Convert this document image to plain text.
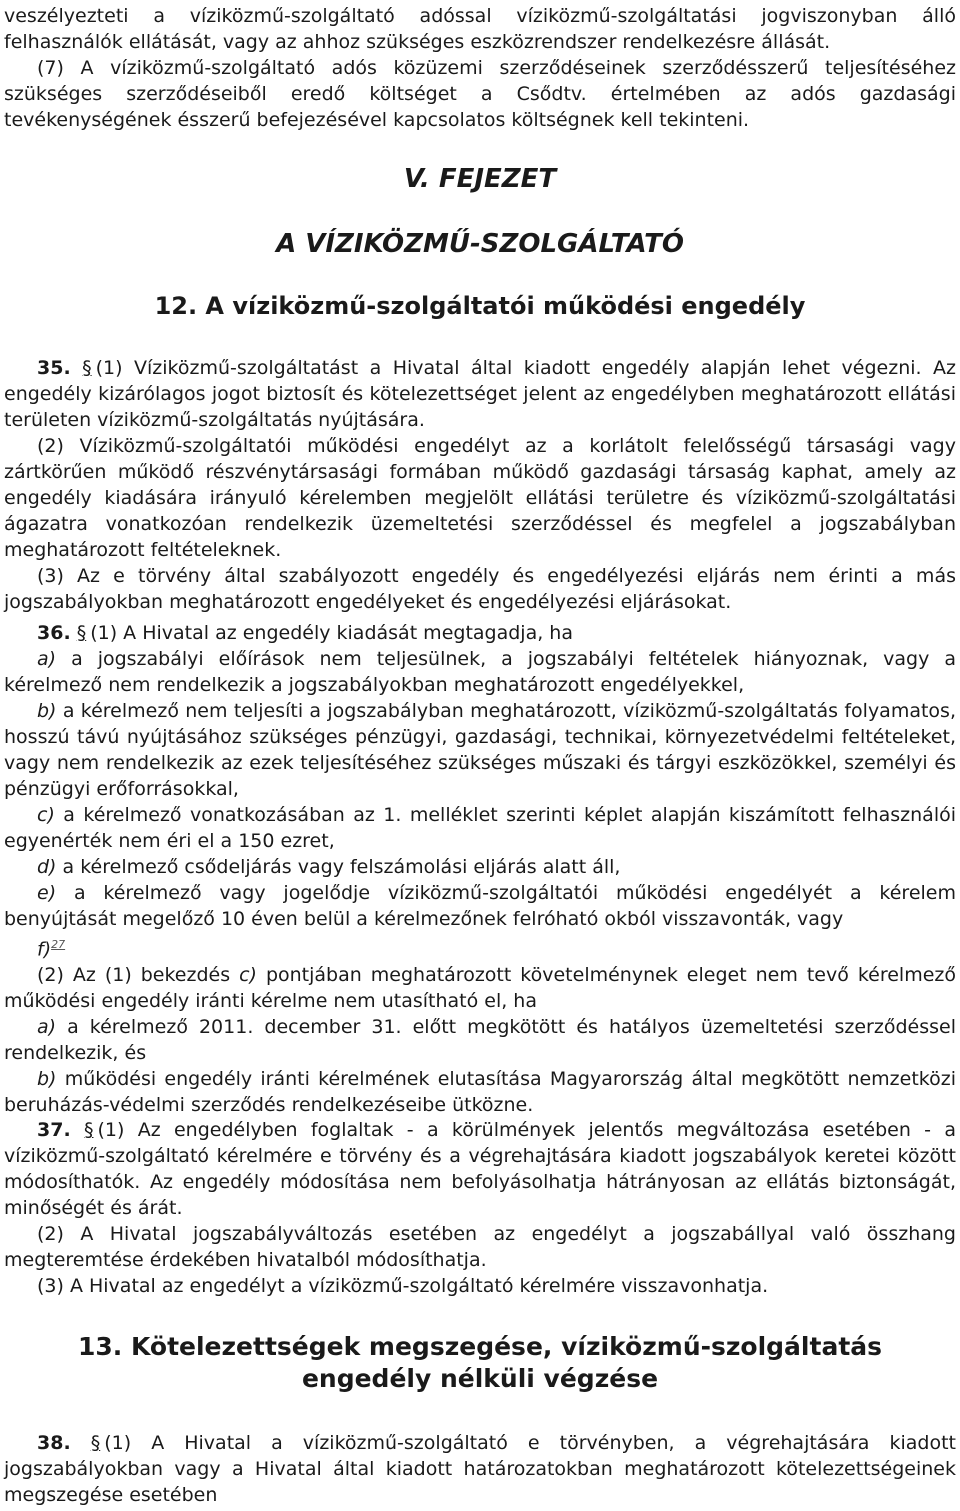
veszélyezteti a víziközmű-szolgáltató adóssal víziközmű-szolgáltatási jogviszonyban álló felhasználók ellátását, vagy az ahhoz szükséges eszközrendszer rendelkezésre állását.

(7) A víziközmű-szolgáltató adós közüzemi szerződéseinek szerződésszerű teljesítéséhez szükséges szerződéseiből eredő költséget a Csődtv. értelmében az adós gazdasági tevékenységének ésszerű befejezésével kapcsolatos költségnek kell tekinteni.

V. FEJEZET
A VÍZIKÖZMŰ-SZOLGÁLTATÓ
12. A víziközmű-szolgáltatói működési engedély

35. § (1) Víziközmű-szolgáltatást a Hivatal által kiadott engedély alapján lehet végezni. Az engedély kizárólagos jogot biztosít és kötelezettséget jelent az engedélyben meghatározott ellátási területen víziközmű-szolgáltatás nyújtására.

(2) Víziközmű-szolgáltatói működési engedélyt az a korlátolt felelősségű társasági vagy zártkörűen működő részvénytársasági formában működő gazdasági társaság kaphat, amely az engedély kiadására irányuló kérelemben megjelölt ellátási területre és víziközmű-szolgáltatási ágazatra vonatkozóan rendelkezik üzemeltetési szerződéssel és megfelel a jogszabályban meghatározott feltételeknek.

(3) Az e törvény által szabályozott engedély és engedélyezési eljárás nem érinti a más jogszabályokban meghatározott engedélyeket és engedélyezési eljárásokat.

36. § (1) A Hivatal az engedély kiadását megtagadja, ha

a) a jogszabályi előírások nem teljesülnek, a jogszabályi feltételek hiányoznak, vagy a kérelmező nem rendelkezik a jogszabályokban meghatározott engedélyekkel,

b) a kérelmező nem teljesíti a jogszabályban meghatározott, víziközmű-szolgáltatás folyamatos, hosszú távú nyújtásához szükséges pénzügyi, gazdasági, technikai, környezetvédelmi feltételeket, vagy nem rendelkezik az ezek teljesítéséhez szükséges műszaki és tárgyi eszközökkel, személyi és pénzügyi erőforrásokkal,

c) a kérelmező vonatkozásában az 1. melléklet szerinti képlet alapján kiszámított felhasználói egyenérték nem éri el a 150 ezret,

d) a kérelmező csődeljárás vagy felszámolási eljárás alatt áll,

e) a kérelmező vagy jogelődje víziközmű-szolgáltatói működési engedélyét a kérelem benyújtását megelőző 10 éven belül a kérelmezőnek felróható okból visszavonták, vagy

f)$^{27}$

(2) Az (1) bekezdés c) pontjában meghatározott követelménynek eleget nem tevő kérelmező működési engedély iránti kérelme nem utasítható el, ha

a) a kérelmező 2011. december 31. előtt megkötött és hatályos üzemeltetési szerződéssel rendelkezik, és

b) működési engedély iránti kérelmének elutasítása Magyarország által megkötött nemzetközi beruházás-védelmi szerződés rendelkezéseibe ütközne.

37. § (1) Az engedélyben foglaltak - a körülmények jelentős megváltozása esetében - a víziközmű-szolgáltató kérelmére e törvény és a végrehajtására kiadott jogszabályok keretei között módosíthatók. Az engedély módosítása nem befolyásolhatja hátrányosan az ellátás biztonságát, minőségét és árát.

(2) A Hivatal jogszabályváltozás esetében az engedélyt a jogszabállyal való összhang megteremtése érdekében hivatalból módosíthatja.

(3) A Hivatal az engedélyt a víziközmű-szolgáltató kérelmére visszavonhatja.

13. Kötelezettségek megszegése, víziközmű-szolgáltatás engedély nélküli végzése

38. § (1) A Hivatal a víziközmű-szolgáltató e törvényben, a végrehajtására kiadott jogszabályokban vagy a Hivatal által kiadott határozatokban meghatározott kötelezettségeinek megszegése esetében
